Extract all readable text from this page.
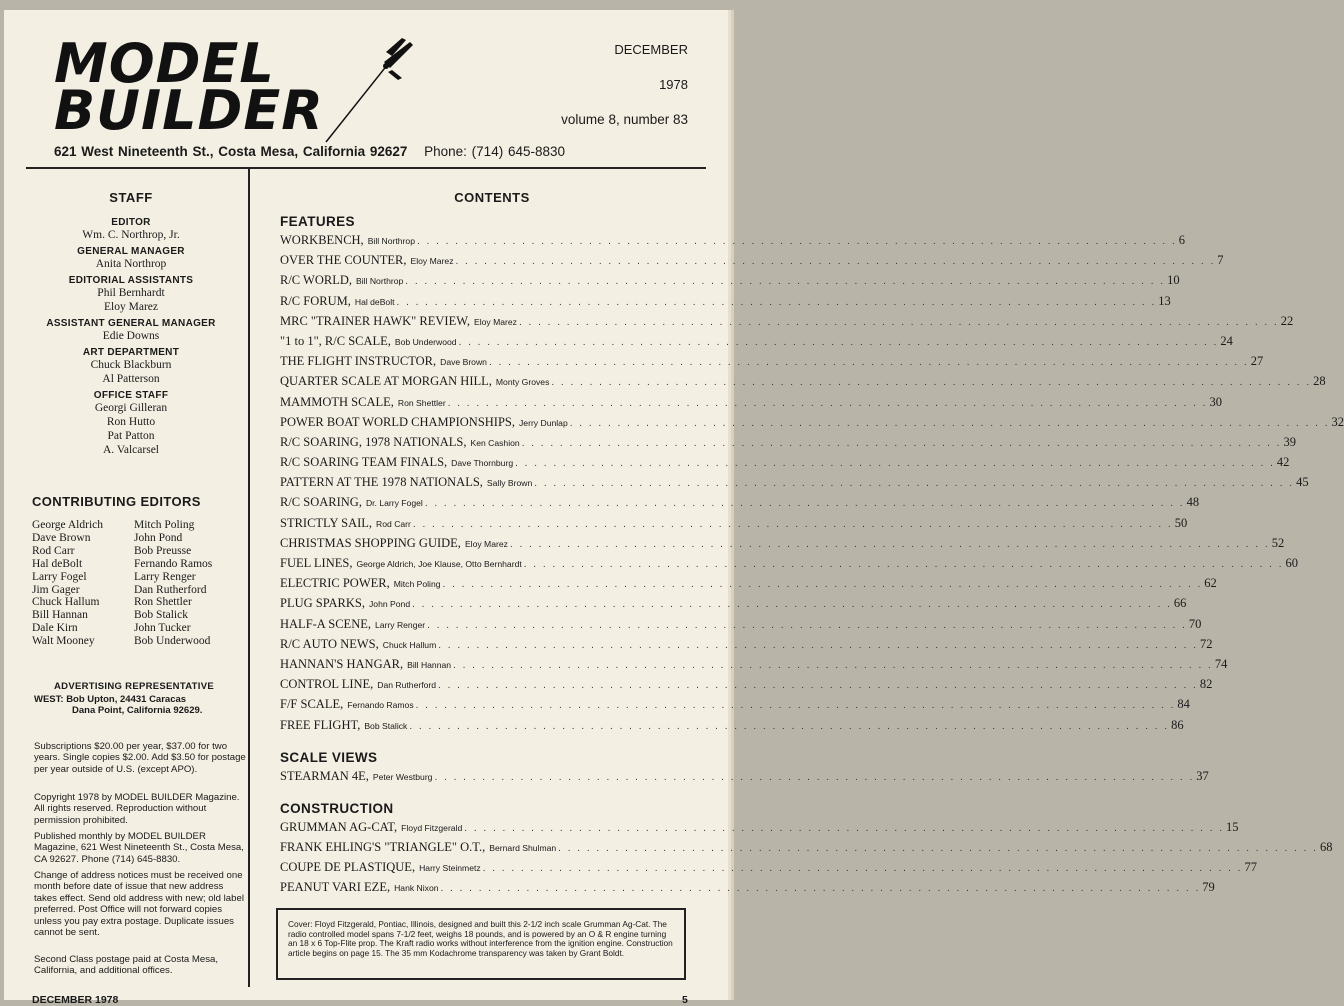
MODEL
BUILDER
DECEMBER
1978
volume 8, number 83
621 West Nineteenth St., Costa Mesa, California 92627 Phone: (714) 645-8830
STAFF
EDITOR
Wm. C. Northrop, Jr.
GENERAL MANAGER
Anita Northrop
EDITORIAL ASSISTANTS
Phil Bernhardt
Eloy Marez
ASSISTANT GENERAL MANAGER
Edie Downs
ART DEPARTMENT
Chuck Blackburn
Al Patterson
OFFICE STAFF
Georgi Gilleran
Ron Hutto
Pat Patton
A. Valcarsel
CONTRIBUTING EDITORS
George Aldrich
Dave Brown
Rod Carr
Hal deBolt
Larry Fogel
Jim Gager
Chuck Hallum
Bill Hannan
Dale Kirn
Walt Mooney
Mitch Poling
John Pond
Bob Preusse
Fernando Ramos
Larry Renger
Dan Rutherford
Ron Shettler
Bob Stalick
John Tucker
Bob Underwood
ADVERTISING REPRESENTATIVE
WEST: Bob Upton, 24431 Caracas
Dana Point, California 92629.
Subscriptions $20.00 per year, $37.00 for two years. Single copies $2.00. Add $3.50 for postage per year outside of U.S. (except APO).
Copyright 1978 by MODEL BUILDER Magazine. All rights reserved. Reproduction without permission prohibited.
Published monthly by MODEL BUILDER Magazine, 621 West Nineteenth St., Costa Mesa, CA 92627. Phone (714) 645-8830.
Change of address notices must be received one month before date of issue that new address takes effect. Send old address with new; old label preferred. Post Office will not forward copies unless you pay extra postage. Duplicate issues cannot be sent.
Second Class postage paid at Costa Mesa, California, and additional offices.
CONTENTS
FEATURES
WORKBENCH, Bill Northrop . . . . . . . . . . . . . . . . . . . . . . . . . . . . . . . . . . . . . . . . . . . . . . . . . . . . . . . . . . . . . . . . . . . . . . . . . . . . . . . . 6
OVER THE COUNTER, Eloy Marez . . . . . . . . . . . . . . . . . . . . . . . . . . . . . . . . . . . . . . . . . . . . . . . . . . . . . . . . . . . . . . . . . . . . . . . . . . . . . . . . 7
R/C WORLD, Bill Northrop . . . . . . . . . . . . . . . . . . . . . . . . . . . . . . . . . . . . . . . . . . . . . . . . . . . . . . . . . . . . . . . . . . . . . . . . . . . . . . . . 10
R/C FORUM, Hal deBolt . . . . . . . . . . . . . . . . . . . . . . . . . . . . . . . . . . . . . . . . . . . . . . . . . . . . . . . . . . . . . . . . . . . . . . . . . . . . . . . . 13
MRC "TRAINER HAWK" REVIEW, Eloy Marez . . . . . . . . . . . . . . . . . . . . . . . . . . . . . . . . . . . . . . . . . . . . . . . . . . . . . . . . . . . . . . . . . . . . . . . . . . . . . . . . 22
"1 to 1", R/C SCALE, Bob Underwood . . . . . . . . . . . . . . . . . . . . . . . . . . . . . . . . . . . . . . . . . . . . . . . . . . . . . . . . . . . . . . . . . . . . . . . . . . . . . . . . 24
THE FLIGHT INSTRUCTOR, Dave Brown . . . . . . . . . . . . . . . . . . . . . . . . . . . . . . . . . . . . . . . . . . . . . . . . . . . . . . . . . . . . . . . . . . . . . . . . . . . . . . . . 27
QUARTER SCALE AT MORGAN HILL, Monty Groves . . . . . . . . . . . . . . . . . . . . . . . . . . . . . . . . . . . . . . . . . . . . . . . . . . . . . . . . . . . . . . . . . . . . . . . . . . . . . . . . 28
MAMMOTH SCALE, Ron Shettler . . . . . . . . . . . . . . . . . . . . . . . . . . . . . . . . . . . . . . . . . . . . . . . . . . . . . . . . . . . . . . . . . . . . . . . . . . . . . . . . 30
POWER BOAT WORLD CHAMPIONSHIPS, Jerry Dunlap . . . . . . . . . . . . . . . . . . . . . . . . . . . . . . . . . . . . . . . . . . . . . . . . . . . . . . . . . . . . . . . . . . . . . . . . . . . . . . . . 32
R/C SOARING, 1978 NATIONALS, Ken Cashion . . . . . . . . . . . . . . . . . . . . . . . . . . . . . . . . . . . . . . . . . . . . . . . . . . . . . . . . . . . . . . . . . . . . . . . . . . . . . . . . 39
R/C SOARING TEAM FINALS, Dave Thornburg . . . . . . . . . . . . . . . . . . . . . . . . . . . . . . . . . . . . . . . . . . . . . . . . . . . . . . . . . . . . . . . . . . . . . . . . . . . . . . . . 42
PATTERN AT THE 1978 NATIONALS, Sally Brown . . . . . . . . . . . . . . . . . . . . . . . . . . . . . . . . . . . . . . . . . . . . . . . . . . . . . . . . . . . . . . . . . . . . . . . . . . . . . . . . 45
R/C SOARING, Dr. Larry Fogel . . . . . . . . . . . . . . . . . . . . . . . . . . . . . . . . . . . . . . . . . . . . . . . . . . . . . . . . . . . . . . . . . . . . . . . . . . . . . . . . 48
STRICTLY SAIL, Rod Carr . . . . . . . . . . . . . . . . . . . . . . . . . . . . . . . . . . . . . . . . . . . . . . . . . . . . . . . . . . . . . . . . . . . . . . . . . . . . . . . . 50
CHRISTMAS SHOPPING GUIDE, Eloy Marez . . . . . . . . . . . . . . . . . . . . . . . . . . . . . . . . . . . . . . . . . . . . . . . . . . . . . . . . . . . . . . . . . . . . . . . . . . . . . . . . 52
FUEL LINES, George Aldrich, Joe Klause, Otto Bernhardt . . . . . . . . . . . . . . . . . . . . . . . . . . . . . . . . . . . . . . . . . . . . . . . . . . . . . . . . . . . . . . . . . . . . . . . . . . . . . . . . 60
ELECTRIC POWER, Mitch Poling . . . . . . . . . . . . . . . . . . . . . . . . . . . . . . . . . . . . . . . . . . . . . . . . . . . . . . . . . . . . . . . . . . . . . . . . . . . . . . . . 62
PLUG SPARKS, John Pond . . . . . . . . . . . . . . . . . . . . . . . . . . . . . . . . . . . . . . . . . . . . . . . . . . . . . . . . . . . . . . . . . . . . . . . . . . . . . . . . 66
HALF-A SCENE, Larry Renger . . . . . . . . . . . . . . . . . . . . . . . . . . . . . . . . . . . . . . . . . . . . . . . . . . . . . . . . . . . . . . . . . . . . . . . . . . . . . . . . 70
R/C AUTO NEWS, Chuck Hallum . . . . . . . . . . . . . . . . . . . . . . . . . . . . . . . . . . . . . . . . . . . . . . . . . . . . . . . . . . . . . . . . . . . . . . . . . . . . . . . . 72
HANNAN'S HANGAR, Bill Hannan . . . . . . . . . . . . . . . . . . . . . . . . . . . . . . . . . . . . . . . . . . . . . . . . . . . . . . . . . . . . . . . . . . . . . . . . . . . . . . . . 74
CONTROL LINE, Dan Rutherford . . . . . . . . . . . . . . . . . . . . . . . . . . . . . . . . . . . . . . . . . . . . . . . . . . . . . . . . . . . . . . . . . . . . . . . . . . . . . . . . 82
F/F SCALE, Fernando Ramos . . . . . . . . . . . . . . . . . . . . . . . . . . . . . . . . . . . . . . . . . . . . . . . . . . . . . . . . . . . . . . . . . . . . . . . . . . . . . . . . 84
FREE FLIGHT, Bob Stalick . . . . . . . . . . . . . . . . . . . . . . . . . . . . . . . . . . . . . . . . . . . . . . . . . . . . . . . . . . . . . . . . . . . . . . . . . . . . . . . . 86
SCALE VIEWS
STEARMAN 4E, Peter Westburg . . . . . . . . . . . . . . . . . . . . . . . . . . . . . . . . . . . . . . . . . . . . . . . . . . . . . . . . . . . . . . . . . . . . . . . . . . . . . . . . 37
CONSTRUCTION
GRUMMAN AG-CAT, Floyd Fitzgerald . . . . . . . . . . . . . . . . . . . . . . . . . . . . . . . . . . . . . . . . . . . . . . . . . . . . . . . . . . . . . . . . . . . . . . . . . . . . . . . . 15
FRANK EHLING'S "TRIANGLE" O.T., Bernard Shulman . . . . . . . . . . . . . . . . . . . . . . . . . . . . . . . . . . . . . . . . . . . . . . . . . . . . . . . . . . . . . . . . . . . . . . . . . . . . . . . . 68
COUPE DE PLASTIQUE, Harry Steinmetz . . . . . . . . . . . . . . . . . . . . . . . . . . . . . . . . . . . . . . . . . . . . . . . . . . . . . . . . . . . . . . . . . . . . . . . . . . . . . . . . 77
PEANUT VARI EZE, Hank Nixon . . . . . . . . . . . . . . . . . . . . . . . . . . . . . . . . . . . . . . . . . . . . . . . . . . . . . . . . . . . . . . . . . . . . . . . . . . . . . . . . 79
Cover: Floyd Fitzgerald, Pontiac, Illinois, designed and built this 2-1/2 inch scale Grumman Ag-Cat. The radio controlled model spans 7-1/2 feet, weighs 18 pounds, and is powered by an O & R engine turning an 18 x 6 Top-Flite prop. The Kraft radio works without interference from the ignition engine. Construction article begins on page 15. The 35 mm Kodachrome transparency was taken by Grant Boldt.
DECEMBER 1978	5
